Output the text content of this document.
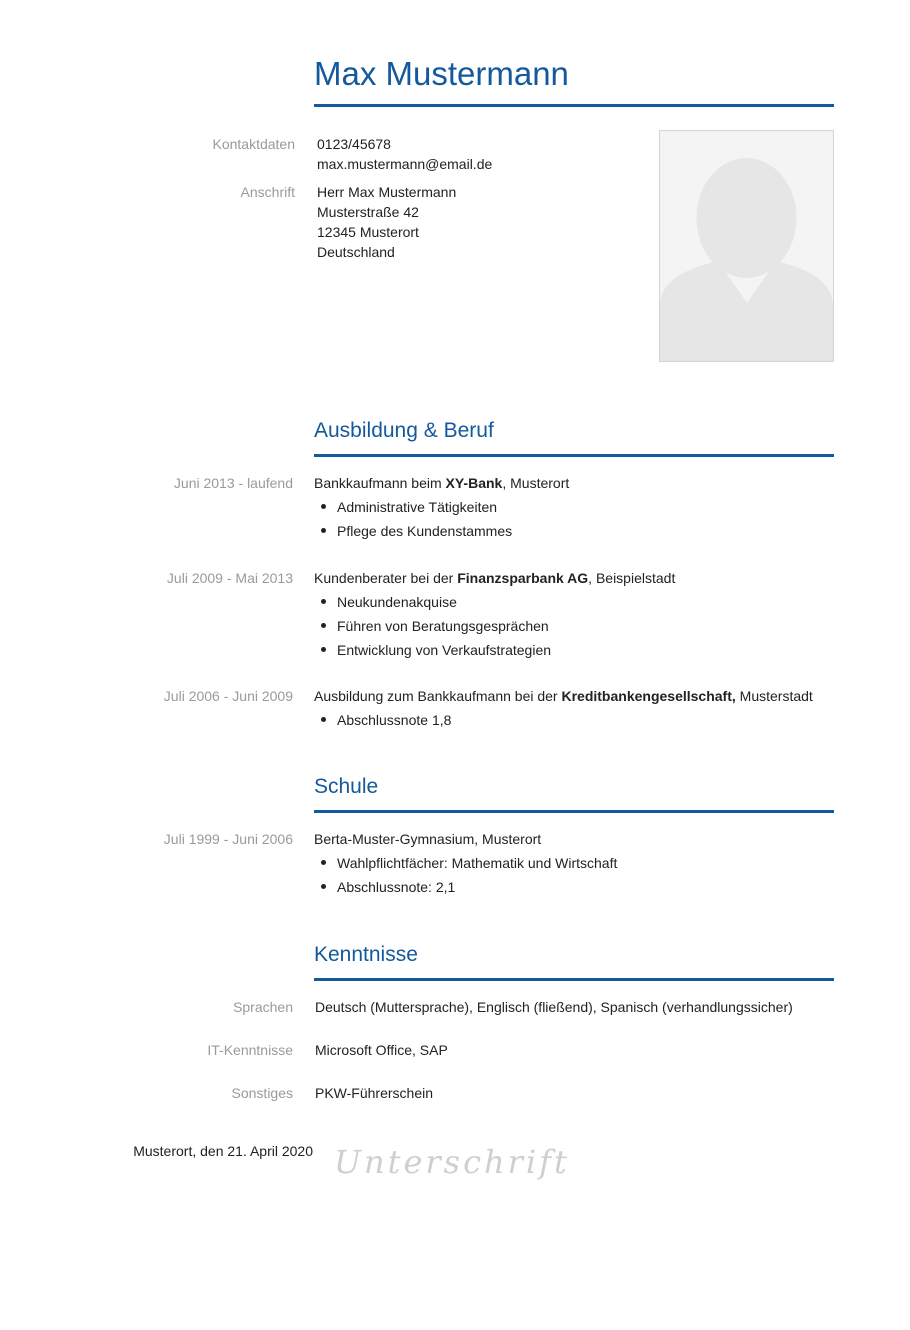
Max Mustermann
Kontaktdaten 0123/45678
max.mustermann@email.de
Anschrift Herr Max Mustermann
Musterstraße 42
12345 Musterort
Deutschland
Ausbildung & Beruf
Juni 2013 - laufend Bankkaufmann beim XY-Bank, Musterort
Administrative Tätigkeiten
Pflege des Kundenstammes
Juli 2009 - Mai 2013 Kundenberater bei der Finanzsparbank AG, Beispielstadt
Neukundenakquise
Führen von Beratungsgesprächen
Entwicklung von Verkaufstrategien
Juli 2006 - Juni 2009 Ausbildung zum Bankkaufmann bei der Kreditbankengesellschaft, Musterstadt
Abschlussnote 1,8
Schule
Juli 1999 - Juni 2006 Berta-Muster-Gymnasium, Musterort
Wahlpflichtfächer: Mathematik und Wirtschaft
Abschlussnote: 2,1
Kenntnisse
Sprachen Deutsch (Muttersprache), Englisch (fließend), Spanisch (verhandlungssicher)
IT-Kenntnisse Microsoft Office, SAP
Sonstiges PKW-Führerschein
Musterort, den 21. April 2020 Unterschrift
